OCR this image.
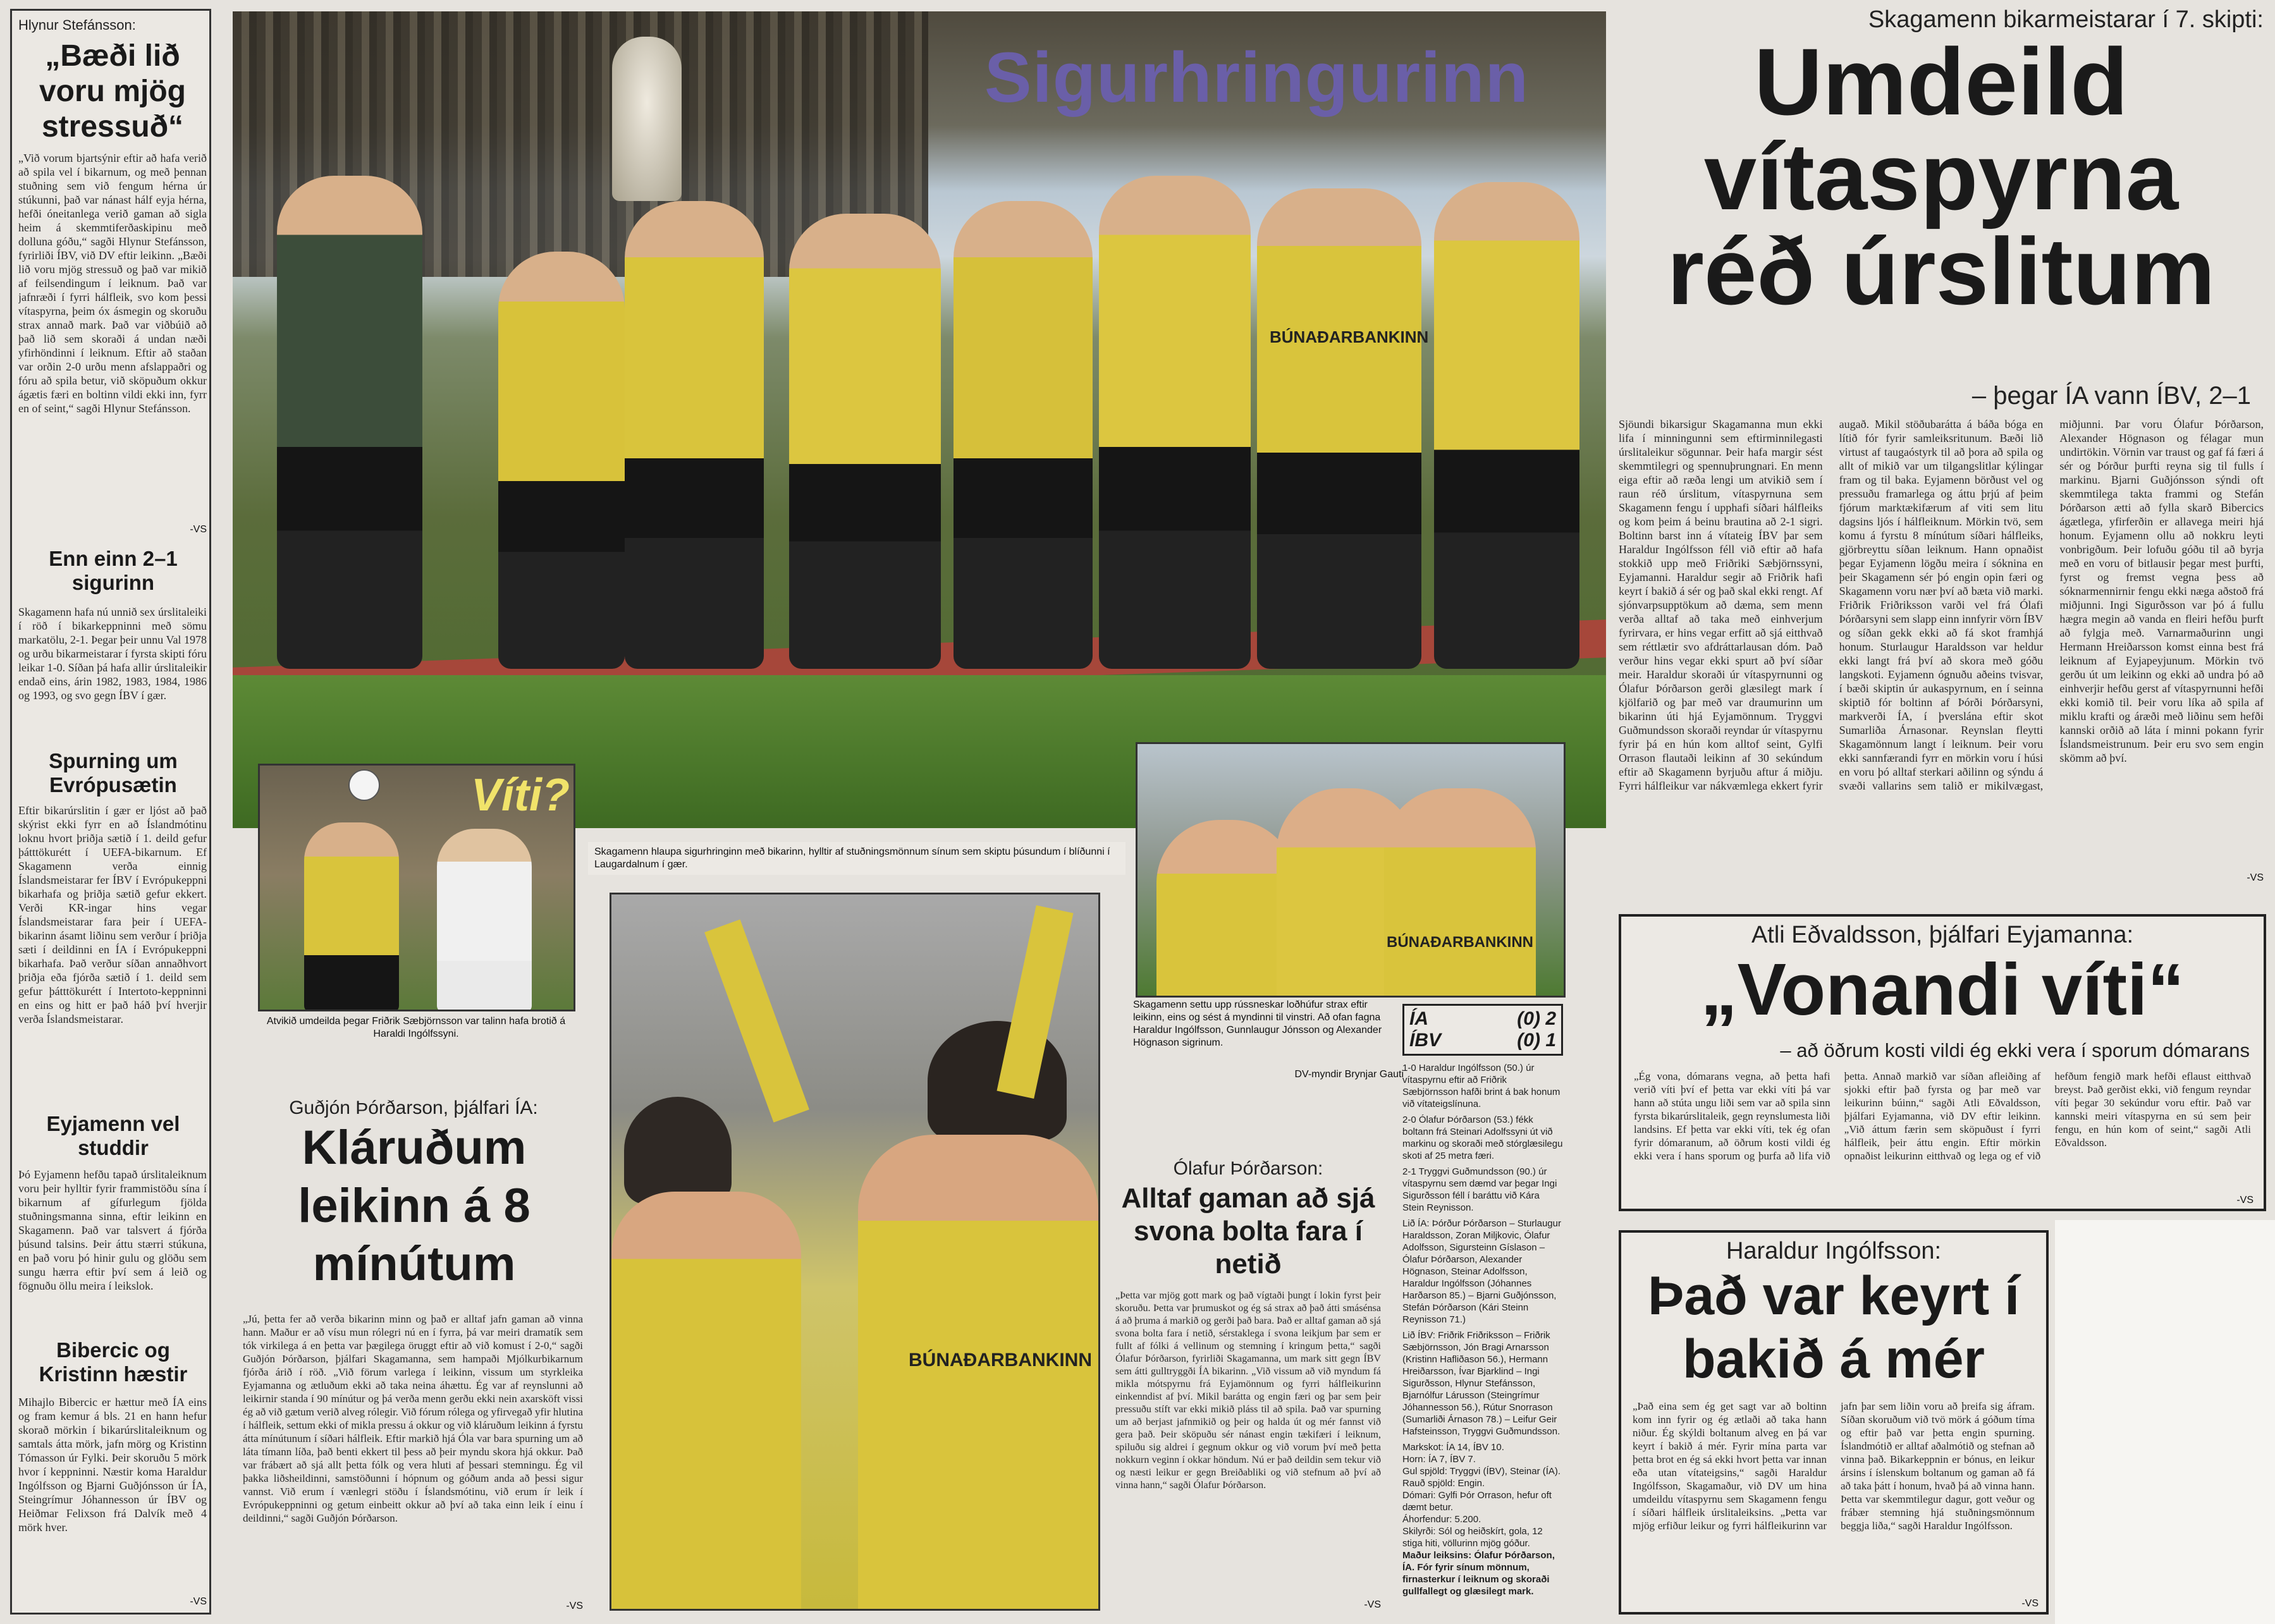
Hlynur Stefánsson:
„Bæði lið voru mjög stressuð“
„Við vorum bjartsýnir eftir að hafa verið að spila vel í bikarnum, og með þennan stuðning sem við fengum hérna úr stúkunni, það var nánast hálf eyja hérna, hefði óneitanlega verið gaman að sigla heim á skemmtiferðaskipinu með dollunа góðu,“ sagði Hlynur Stefánsson, fyrirliði ÍBV, við DV eftir leikinn. „Bæði lið voru mjög stressuð og það var mikið af feilsendingum í leiknum. Það var jafnræði í fyrri hálfleik, svo kom þessi vítaspyrna, þeim óx ásmegin og skoruðu strax annað mark. Það var viðbúið að það lið sem skoraði á undan næði yfirhöndinni í leiknum. Eftir að staðan var orðin 2-0 urðu menn afslappaðri og fóru að spila betur, við sköpuðum okkur ágætis færi en boltinn vildi ekki inn, fyrr en of seint,“ sagði Hlynur Stefánsson.
-VS
Enn einn 2–1 sigurinn
Skagamenn hafa nú unnið sex úrslitaleiki í röð í bikarkeppninni með sömu markatölu, 2-1. Þegar þeir unnu Val 1978 og urðu bikarmeistarar í fyrsta skipti fóru leikar 1-0. Síðan þá hafa allir úrslitaleikir endað eins, árin 1982, 1983, 1984, 1986 og 1993, og svo gegn ÍBV í gær.
Spurning um Evrópusætin
Eftir bikarúrslitin í gær er ljóst að það skýrist ekki fyrr en að Íslandmótinu loknu hvort þriðja sætið í 1. deild gefur þátttökurétt í UEFA-bikarnum. Ef Skagamenn verða einnig Íslandsmeistarar fer ÍBV í Evrópukeppni bikarhafa og þriðja sætið gefur ekkert. Verði KR-ingar hins vegar Íslandsmeistarar fara þeir í UEFA-bikarinn ásamt liðinu sem verður í þriðja sæti í deildinni en ÍA í Evrópukeppni bikarhafa. Það verður síðan annaðhvort þriðja eða fjórða sætið í 1. deild sem gefur þátttökurétt í Intertoto-keppninni en eins og hitt er það háð því hverjir verða Íslandsmeistarar.
Eyjamenn vel studdir
Þó Eyjamenn hefðu tapað úrslitaleiknum voru þeir hylltir fyrir frammistöðu sína í bikarnum af gífurlegum fjölda stuðningsmanna sinna, eftir leikinn en Skagamenn. Það var talsvert á fjórða þúsund talsins. Þeir áttu stærri stúkuna, en það voru þó hinir gulu og glöðu sem sungu hærra eftir því sem á leið og fögnuðu öllu meira í leikslok.
Bibercic og Kristinn hæstir
Mihajlo Bibercic er hættur með ÍA eins og fram kemur á bls. 21 en hann hefur skorað mörkin í bikarúrslitaleiknum og samtals átta mörk, jafn mörg og Kristinn Tómasson úr Fylki. Þeir skoruðu 5 mörk hvor í keppninni. Næstir koma Haraldur Ingólfsson og Bjarni Guðjónsson úr ÍA, Steingrímur Jóhannesson úr ÍBV og Heiðmar Felixson frá Dalvík með 4 mörk hver.
-VS
Sigurhringurinn
BÚNAÐARBANKINN
Skagamenn hlaupa sigurhringinn með bikarinn, hylltir af stuðningsmönnum sínum sem skiptu þúsundum í blíðunni í Laugardalnum í gær.
Víti?
Atvikið umdeilda þegar Friðrik Sæbjörnsson var talinn hafa brotið á Haraldi Ingólfssyni.
BÚNAÐARBANKINN
BÚNAÐARBANKINN
Skagamenn settu upp rússneskar loðhúfur strax eftir leikinn, eins og sést á myndinni til vinstri. Að ofan fagna Haraldur Ingólfsson, Gunnlaugur Jónsson og Alexander Högnason sigrinum.
DV-myndir Brynjar Gauti
Guðjón Þórðarson, þjálfari ÍA:
Kláruðum leikinn á 8 mínútum
„Jú, þetta fer að verða bikarinn minn og það er alltaf jafn gaman að vinna hann. Maður er að vísu mun rólegri nú en í fyrra, þá var meiri dramatík sem tók virkilega á en þetta var þægilega öruggt eftir að við komust í 2-0,“ sagði Guðjón Þórðarson, þjálfari Skagamanna, sem hampaði Mjólkurbikarnum fjórða árið í röð. „Við förum varlega í leikinn, vissum um styrkleika Eyjamanna og ætluðum ekki að taka neina áhættu. Ég var af reynslunni að leikirnir standa í 90 mínútur og þá verða menn gerðu ekki nein axarsköft vissi ég að við gætum verið alveg rólegir. Við fórum rólega og yfirvegað yfir hlutina í hálfleik, settum ekki of mikla pressu á okkur og við kláruðum leikinn á fyrstu átta mínútunum í síðari hálfleik. Eftir markið hjá Óla var bara spurning um að láta tímann líða, það benti ekkert til þess að þeir myndu skora hjá okkur. Það var frábært að sjá allt þetta fólk og vera hluti af þessari stemningu. Ég vil þakka liðsheildinni, samstöðunni í hópnum og góðum anda að þessi sigur vannst. Við erum í vænlegri stöðu í Íslandsmótinu, við erum ír leik í Evrópukeppninni og getum einbeitt okkur að því að taka einn leik í einu í deildinni,“ sagði Guðjón Þórðarson.
-VS
Ólafur Þórðarson:
Alltaf gaman að sjá svona bolta fara í netið
„Þetta var mjög gott mark og það vígtaði þungt í lokin fyrst þeir skoruðu. Þetta var þrumuskot og ég sá strax að það átti smásénsa á að þruma á markið og gerði það bara. Það er alltaf gaman að sjá svona bolta fara í netið, sérstaklega í svona leikjum þar sem er fullt af fólki á vellinum og stemning í kringum þetta,“ sagði Ólafur Þórðarson, fyrirliði Skagamanna, um mark sitt gegn ÍBV sem átti gulltryggði ÍA bikarinn. „Við vissum að við myndum fá mikla mótspyrnu frá Eyjamönnum og fyrri hálfleikurinn einkenndist af því. Mikil barátta og engin færi og þar sem þeir pressuðu stíft var ekki mikið pláss til að spila. Það var spurning um að berjast jafnmikið og þeir og halda út og mér fannst við gera það. Þeir sköpuðu sér nánast engin tækifæri í leiknum, spiluðu sig aldrei í gegnum okkur og við vorum því með þetta nokkurn veginn í okkar höndum. Nú er það deildin sem tekur við og næsti leikur er gegn Breiðabliki og við stefnum að því að vinna hann,“ sagði Ólafur Þórðarson.
-VS
ÍA	(0) 2
ÍBV	(0) 1

1-0 Haraldur Ingólfsson (50.) úr vítaspyrnu eftir að Friðrik Sæbjörnsson hafði brint á bak honum við vítateigslínuna.

2-0 Ólafur Þórðarson (53.) fékk boltann frá Steinari Adolfssyni út við markinu og skoraði með stórglæsilegu skoti af 25 metra færi.

2-1 Tryggvi Guðmundsson (90.) úr vítaspyrnu sem dæmd var þegar Ingi Sigurðsson féll í baráttu við Kára Stein Reynisson.

Lið ÍA: Þórður Þórðarson – Sturlaugur Haraldsson, Zoran Miljkovic, Ólafur Adolfsson, Sigursteinn Gíslason – Ólafur Þórðarson, Alexander Högnason, Steinar Adolfsson, Haraldur Ingólfsson (Jóhannes Harðarson 85.) – Bjarni Guðjónsson, Stefán Þórðarson (Kári Steinn Reynisson 71.)

Lið ÍBV: Friðrik Friðriksson – Friðrik Sæbjörnsson, Jón Bragi Arnarsson (Kristinn Hafliðason 56.), Hermann Hreiðarsson, Ívar Bjarklind – Ingi Sigurðsson, Hlynur Stefánsson, Bjarnólfur Lárusson (Steingrímur Jóhannesson 56.), Rútur Snorrason (Sumarliði Árnason 78.) – Leifur Geir Hafsteinsson, Tryggvi Guðmundsson.

Markskot: ÍA 14, ÍBV 10.

Horn: ÍA 7, ÍBV 7.

Gul spjöld: Tryggvi (ÍBV), Steinar (ÍA).

Rauð spjöld: Engin.

Dómari: Gylfi Þór Orrason, hefur oft dæmt betur.

Áhorfendur: 5.200.

Skilyrði: Sól og heiðskírt, gola, 12 stiga hiti, völlurinn mjög góður.

Maður leiksins: Ólafur Þórðarson, ÍA. Fór fyrir sínum mönnum, firnasterkur í leiknum og skoraði gullfallegt og glæsilegt mark.

Skagamenn bikarmeistarar í 7. skipti:
Umdeild vítaspyrna réð úrslitum
– þegar ÍA vann ÍBV, 2–1
Sjöundi bikarsigur Skagamanna mun ekki lifa í minningunni sem eftirminnilegasti úrslitaleikur sögunnar. Þeir hafa margir sést skemmtilegri og spennuþrungnari. En menn eiga eftir að ræða lengi um atvikið sem í raun réð úrslitum, vítaspyrnuna sem Skagamenn fengu í upphafi síðari hálfleiks og kom þeim á beinu brautina að 2-1 sigri. Boltinn barst inn á vítateig ÍBV þar sem Haraldur Ingólfsson féll við eftir að hafa stokkið upp með Friðriki Sæbjörnssyni, Eyjamanni. Haraldur segir að Friðrik hafi keyrt í bakið á sér og það skal ekki rengt. Af sjónvarpsupptökum að dæma, sem menn verða alltaf að taka með einhverjum fyrirvara, er hins vegar erfitt að sjá eitthvað sem réttlætir svo afdráttarlausan dóm. Það verður hins vegar ekki spurt að því síðar meir. Haraldur skoraði úr vítaspyrnunni og Ólafur Þórðarson gerði glæsilegt mark í kjölfarið og þar með var draumurinn um bikarinn úti hjá Eyjamönnum. Tryggvi Guðmundsson skoraði reyndar úr vítaspyrnu fyrir þá en hún kom alltof seint, Gylfi Orrason flautaði leikinn af 30 sekúndum eftir að Skagamenn byrjuðu aftur á miðju. Fyrri hálfleikur var nákvæmlega ekkert fyrir augað. Mikil stöðubarátta á báða bóga en lítið fór fyrir samleiksritunum. Bæði lið virtust af taugaóstyrk til að þora að spila og allt of mikið var um tilgangslitlar kýlingar fram og til baka. Eyjamenn börðust vel og pressuðu framarlega og áttu þrjú af þeim fjórum marktækifærum af viti sem litu dagsins ljós í hálfleiknum. Mörkin tvö, sem komu á fyrstu 8 mínútum síðari hálfleiks, gjörbreyttu síðan leiknum. Hann opnaðist þegar Eyjamenn lögðu meira í sóknina en þeir Skagamenn sér þó engin opin færi og Skagamenn voru nær því að bæta við marki. Friðrik Friðriksson varði vel frá Ólafi Þórðarsyni sem slapp einn innfyrir vörn ÍBV og síðan gekk ekki að fá skot framhjá honum. Sturlaugur Haraldsson var heldur ekki langt frá því að skora með góðu langskoti. Eyjamenn ógnuðu aðeins tvisvar, í bæði skiptin úr aukaspyrnum, en í seinna skiptið fór boltinn af Þórði Þórðarsyni, markverði ÍA, í þverslána eftir skot Sumarliða Árnasonar. Reynslan fleytti Skagamönnum langt í leiknum. Þeir voru ekki sannfærandi fyrr en mörkin voru í húsi en voru þó alltaf sterkari aðilinn og sýndu á svæði vallarins sem talið er mikilvægast, miðjunni. Þar voru Ólafur Þórðarson, Alexander Högnason og félagar mun undirtökin. Vörnin var traust og gaf fá færi á sér og Þórður þurfti reyna sig til fulls í markinu. Bjarni Guðjónsson sýndi oft skemmtilega takta frammi og Stefán Þórðarson ætti að fylla skarð Bibercics ágætlega, yfirferðin er allavega meiri hjá honum. Eyjamenn ollu að nokkru leyti vonbrigðum. Þeir lofuðu góðu til að byrja með en voru of bitlausir þegar mest þurfti, fyrst og fremst vegna þess að sóknarmennirnir fengu ekki næga aðstoð frá miðjunni. Ingi Sigurðsson var þó á fullu hægra megin að vanda en fleiri hefðu þurft að fylgja með. Varnarmaðurinn ungi Hermann Hreiðarsson komst einna best frá leiknum af Eyjapeyjunum. Mörkin tvö gerðu út um leikinn og ekki að undra þó að einhverjir hefðu gerst af vítaspyrnunni hefði ekki komið til. Þeir voru líka að spila af miklu krafti og áræði með liðinu sem hefði kannski orðið að láta í minni pokann fyrir Íslandsmeistrunum. Þeir eru svo sem engin skömm að því.
-VS
Atli Eðvaldsson, þjálfari Eyjamanna:
„Vonandi víti“
– að öðrum kosti vildi ég ekki vera í sporum dómarans
„Ég vona, dómarans vegna, að þetta hafi verið víti því ef þetta var ekki víti þá var hann að stúta ungu liði sem var að spila sinn fyrsta bikarúrslitaleik, gegn reynslumesta liði landsins. Ef þetta var ekki víti, tek ég ofan fyrir dómaranum, að öðrum kosti vildi ég ekki vera í hans sporum og þurfa að lifa við þetta. Annað markið var síðan afleiðing af sjokki eftir það fyrsta og þar með var leikurinn búinn,“ sagði Atli Eðvaldsson, þjálfari Eyjamanna, við DV eftir leikinn. „Við áttum færin sem sköpuðust í fyrri hálfleik, þeir áttu engin. Eftir mörkin opnaðist leikurinn eitthvað og lega og ef við hefðum fengið mark hefði eflaust eitthvað breyst. Það gerðist ekki, við fengum reyndar víti þegar 30 sekúndur voru eftir. Það var kannski meiri vítaspyrna en sú sem þeir fengu, en hún kom of seint,“ sagði Atli Eðvaldsson.
-VS
Haraldur Ingólfsson:
Það var keyrt í bakið á mér
„Það eina sem ég get sagt var að boltinn kom inn fyrir og ég ætlaði að taka hann niður. Ég skýldi boltanum alveg en þá var keyrt í bakið á mér. Fyrir mína parta var þetta brot en ég sá ekki hvort þetta var innan eða utan vítateigsins,“ sagði Haraldur Ingólfsson, Skagamaður, við DV um hina umdeildu vítaspyrnu sem Skagamenn fengu í síðari hálfleik úrslitaleiksins. „Þetta var mjög erfiður leikur og fyrri hálfleikurinn var jafn þar sem liðin voru að þreifa sig áfram. Síðan skoruðum við tvö mörk á góðum tíma og eftir það var þetta engin spurning. Íslandmótið er alltaf aðalmótið og stefnan að vinna það. Bikarkeppnin er bónus, en leikur ársins í íslenskum boltanum og gaman að fá að taka þátt í honum, hvað þá að vinna hann. Þetta var skemmtilegur dagur, gott veður og frábær stemning hjá stuðningsmönnum beggja liða,“ sagði Haraldur Ingólfsson.
-VS
